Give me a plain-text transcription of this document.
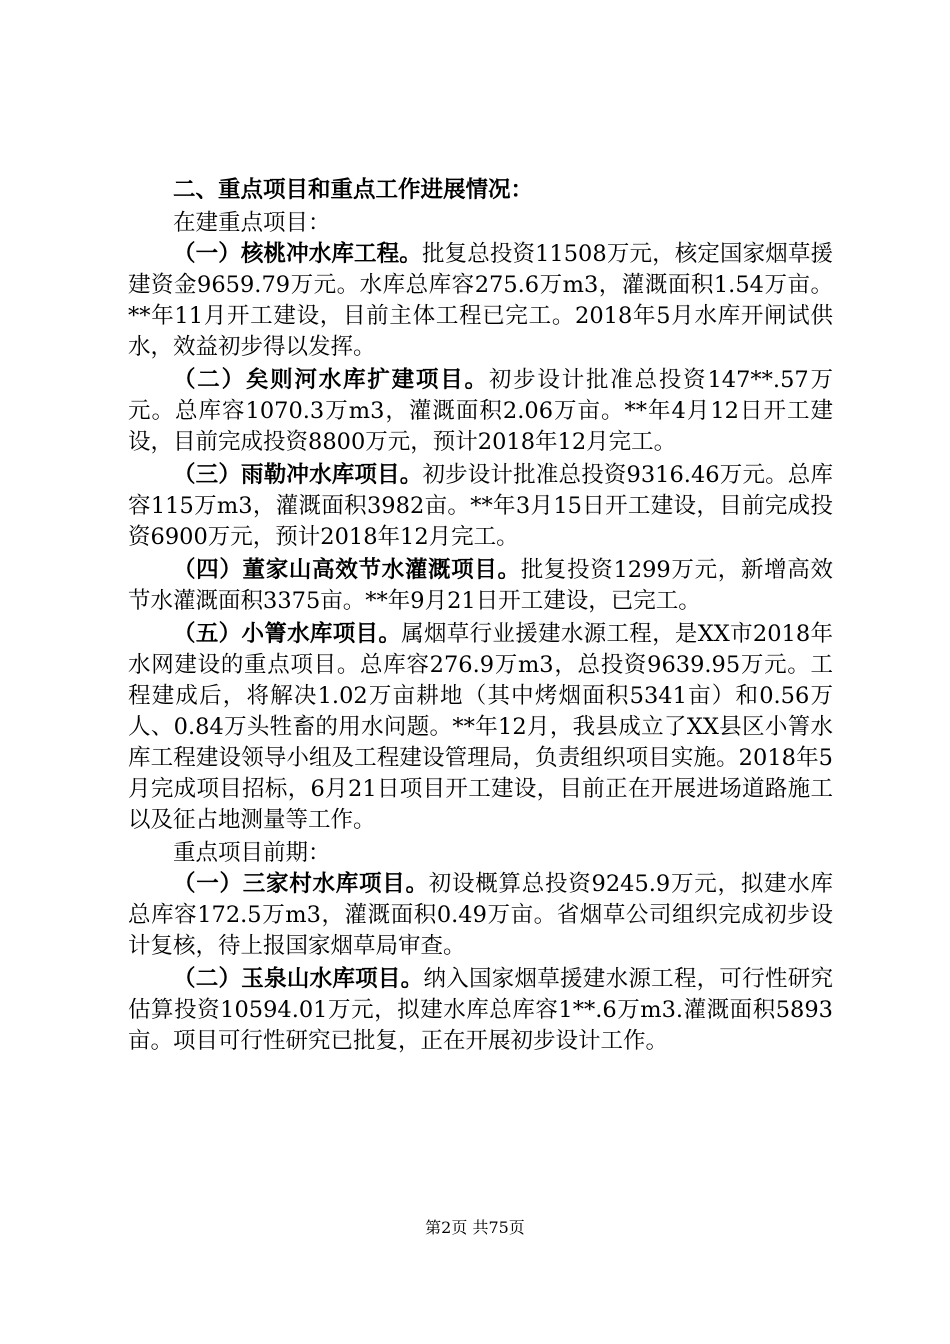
二、重点项目和重点工作进展情况：

在建重点项目：

（一）核桃冲水库工程。批复总投资11508万元，核定国家烟草援建资金9659.79万元。水库总库容275.6万m3，灌溉面积1.54万亩。**年11月开工建设，目前主体工程已完工。2018年5月水库开闸试供水，效益初步得以发挥。

（二）矣则河水库扩建项目。初步设计批准总投资147**.57万元。总库容1070.3万m3，灌溉面积2.06万亩。**年4月12日开工建设，目前完成投资8800万元，预计2018年12月完工。

（三）雨勒冲水库项目。初步设计批准总投资9316.46万元。总库容115万m3，灌溉面积3982亩。**年3月15日开工建设，目前完成投资6900万元，预计2018年12月完工。

（四）董家山高效节水灌溉项目。批复投资1299万元，新增高效节水灌溉面积3375亩。**年9月21日开工建设，已完工。

（五）小箐水库项目。属烟草行业援建水源工程，是XX市2018年水网建设的重点项目。总库容276.9万m3，总投资9639.95万元。工程建成后，将解决1.02万亩耕地（其中烤烟面积5341亩）和0.56万人、0.84万头牲畜的用水问题。**年12月，我县成立了XX县区小箐水库工程建设领导小组及工程建设管理局，负责组织项目实施。2018年5月完成项目招标，6月21日项目开工建设，目前正在开展进场道路施工以及征占地测量等工作。

重点项目前期：

（一）三家村水库项目。初设概算总投资9245.9万元，拟建水库总库容172.5万m3，灌溉面积0.49万亩。省烟草公司组织完成初步设计复核，待上报国家烟草局审查。

（二）玉泉山水库项目。纳入国家烟草援建水源工程，可行性研究估算投资10594.01万元，拟建水库总库容1**.6万m3.灌溉面积5893亩。项目可行性研究已批复，正在开展初步设计工作。

第2页 共75页
